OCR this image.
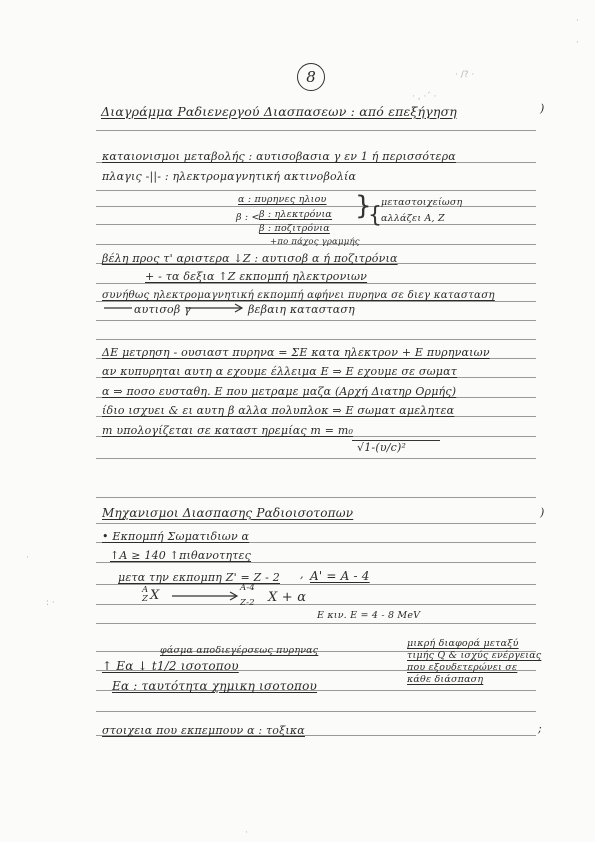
· /? ·
· , ·´ ·
·
·
8
Διαγράμμα Ραδιενεργού Διασπασεων : από επεξήγηση	)
καταιονισμοι μεταβολής : αυτισοβασια γ εν 1 ή περισσότερα
πλαγις -||- : ηλεκτρομαγνητική ακτινοβολία
α : πυρηνες ηλιου
β : ηλεκτρόνια
β : <
β : ποζιτρόνια
}
{
μεταστοιχείωση
αλλάζει A, Z
+πο πάχος γραμμής
βέλη προς τ' αριστερα ↓Z : αυτισοβ α ή ποζιτρόνια
+ - τα δεξια ↑Z εκπομπή ηλεκτρονιων
συνήθως ηλεκτρομαγνητική εκπομπή αφήνει πυρηνα σε διεγ κατασταση
αυτισοβ γ	βεβαιη κατασταση
ΔΕ μετρηση - ουσιαστ πυρηνα = ΣΕ κατα ηλεκτρον + Ε πυρηναιων
αν κυπυρηται αυτη α εχουμε έλλειμα Ε ⇒ Ε εχουμε σε σωματ
α ⇒ ποσο ευσταθη. Ε που μετραμε μαζα (Αρχή Διατηρ Ορμής)
ίδιο ισχυει & ει αυτη β αλλα πολυπλοκ ⇒ Ε σωματ αμελητεα
m υπολογίζεται σε καταστ ηρεμίας m = m₀
√1-(υ/c)²
Μηχανισμοι Διασπασης Ραδιοισοτοπων	)
• Εκπομπή Σωματιδιων α
↑A ≥ 140 ↑πιθανοτητες
μετα την εκπομπη Z' = Z - 2 , A' = A - 4
A
Z X	A-4
Z-2 X + α
Ε κιν. Ε = 4 - 8 MeV
φάσμα αποδιεγέρσεως πυρηνας
μικρή διαφορά μεταξύ
τιμής Q & ισχύς ενέργειας
που εξουδετερώνει σε
κάθε διάσπαση
↑ Εα ↓ t1/2 ισοτοπου
Εα : ταυτότητα χημικη ισοτοπου
στοιχεια που εκπεμπουν α : τοξικα	;
·
: ·
·
